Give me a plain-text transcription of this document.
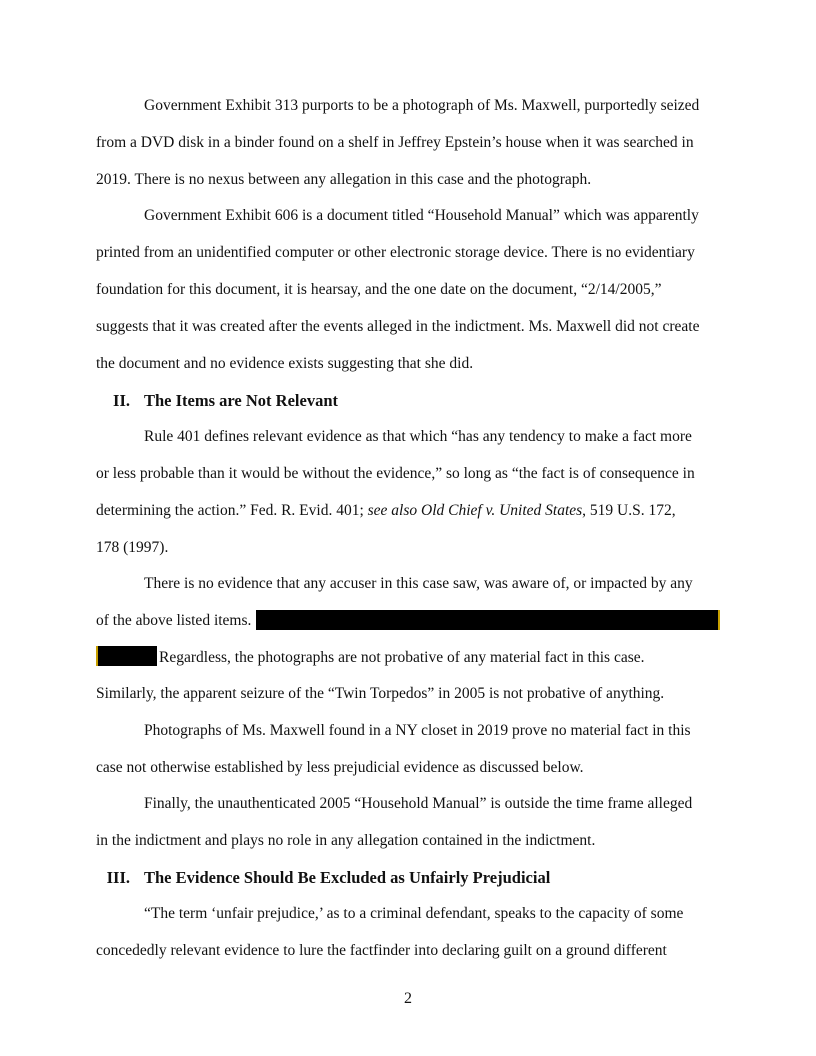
Government Exhibit 313 purports to be a photograph of Ms. Maxwell, purportedly seized
from a DVD disk in a binder found on a shelf in Jeffrey Epstein’s house when it was searched in
2019. There is no nexus between any allegation in this case and the photograph.
Government Exhibit 606 is a document titled “Household Manual” which was apparently
printed from an unidentified computer or other electronic storage device. There is no evidentiary
foundation for this document, it is hearsay, and the one date on the document, “2/14/2005,”
suggests that it was created after the events alleged in the indictment. Ms. Maxwell did not create
the document and no evidence exists suggesting that she did.
II. The Items are Not Relevant
Rule 401 defines relevant evidence as that which “has any tendency to make a fact more
or less probable than it would be without the evidence,” so long as “the fact is of consequence in
determining the action.” Fed. R. Evid. 401; see also Old Chief v. United States, 519 U.S. 172,
178 (1997).
There is no evidence that any accuser in this case saw, was aware of, or impacted by any
of the above listed items.
Regardless, the photographs are not probative of any material fact in this case.
Similarly, the apparent seizure of the “Twin Torpedos” in 2005 is not probative of anything.
Photographs of Ms. Maxwell found in a NY closet in 2019 prove no material fact in this
case not otherwise established by less prejudicial evidence as discussed below.
Finally, the unauthenticated 2005 “Household Manual” is outside the time frame alleged
in the indictment and plays no role in any allegation contained in the indictment.
III. The Evidence Should Be Excluded as Unfairly Prejudicial
“The term ‘unfair prejudice,’ as to a criminal defendant, speaks to the capacity of some
concededly relevant evidence to lure the factfinder into declaring guilt on a ground different
2
